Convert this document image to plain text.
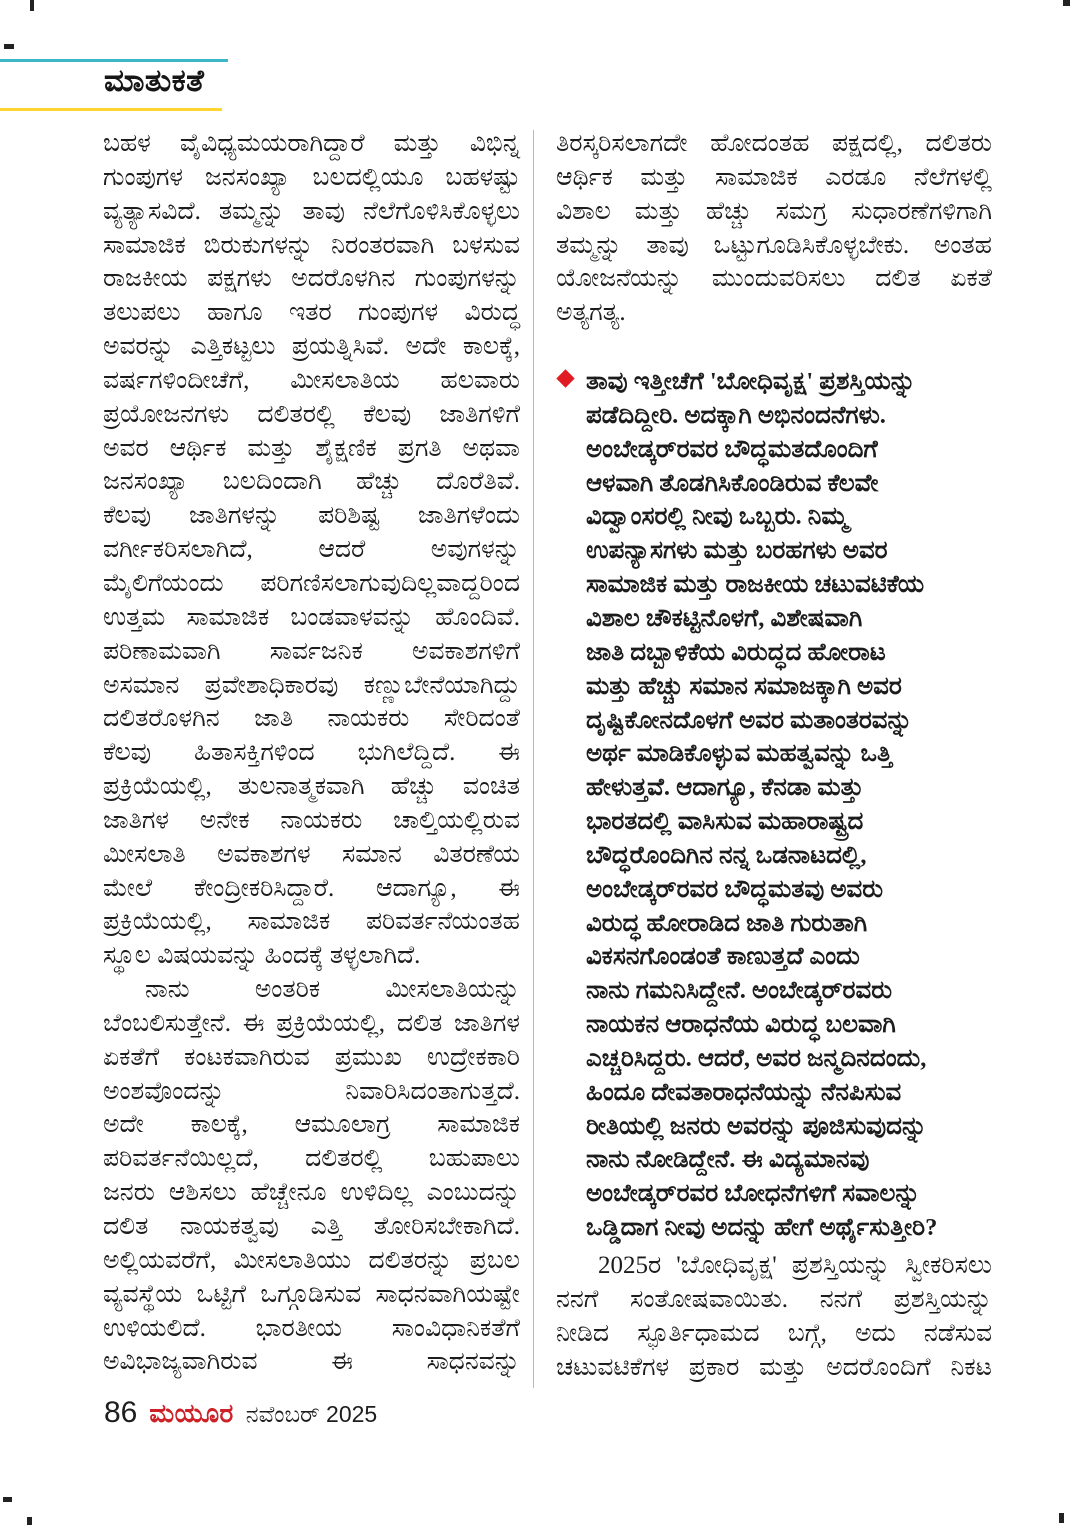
ಮಾತುಕತೆ
ಬಹಳ ವೈವಿಧ್ಯಮಯರಾಗಿದ್ದಾರೆ ಮತ್ತು ವಿಭಿನ್ನ
ಗುಂಪುಗಳ ಜನಸಂಖ್ಯಾ ಬಲದಲ್ಲಿಯೂ ಬಹಳಷ್ಟು
ವ್ಯತ್ಯಾಸವಿದೆ. ತಮ್ಮನ್ನು ತಾವು ನೆಲೆಗೊಳಿಸಿಕೊಳ್ಳಲು
ಸಾಮಾಜಿಕ ಬಿರುಕುಗಳನ್ನು ನಿರಂತರವಾಗಿ ಬಳಸುವ
ರಾಜಕೀಯ ಪಕ್ಷಗಳು ಅದರೊಳಗಿನ ಗುಂಪುಗಳನ್ನು
ತಲುಪಲು ಹಾಗೂ ಇತರ ಗುಂಪುಗಳ ವಿರುದ್ಧ
ಅವರನ್ನು ಎತ್ತಿಕಟ್ಟಲು ಪ್ರಯತ್ನಿಸಿವೆ. ಅದೇ ಕಾಲಕ್ಕೆ,
ವರ್ಷಗಳಿಂದೀಚೆಗೆ, ಮೀಸಲಾತಿಯ ಹಲವಾರು
ಪ್ರಯೋಜನಗಳು ದಲಿತರಲ್ಲಿ ಕೆಲವು ಜಾತಿಗಳಿಗೆ
ಅವರ ಆರ್ಥಿಕ ಮತ್ತು ಶೈಕ್ಷಣಿಕ ಪ್ರಗತಿ ಅಥವಾ
ಜನಸಂಖ್ಯಾ ಬಲದಿಂದಾಗಿ ಹೆಚ್ಚು ದೊರೆತಿವೆ.
ಕೆಲವು ಜಾತಿಗಳನ್ನು ಪರಿಶಿಷ್ಟ ಜಾತಿಗಳೆಂದು
ವರ್ಗೀಕರಿಸಲಾಗಿದೆ, ಆದರೆ ಅವುಗಳನ್ನು
ಮೈಲಿಗೆಯಂದು ಪರಿಗಣಿಸಲಾಗುವುದಿಲ್ಲವಾದ್ದರಿಂದ
ಉತ್ತಮ ಸಾಮಾಜಿಕ ಬಂಡವಾಳವನ್ನು ಹೊಂದಿವೆ.
ಪರಿಣಾಮವಾಗಿ ಸಾರ್ವಜನಿಕ ಅವಕಾಶಗಳಿಗೆ
ಅಸಮಾನ ಪ್ರವೇಶಾಧಿಕಾರವು ಕಣ್ಣುಬೇನೆಯಾಗಿದ್ದು
ದಲಿತರೊಳಗಿನ ಜಾತಿ ನಾಯಕರು ಸೇರಿದಂತೆ
ಕೆಲವು ಹಿತಾಸಕ್ತಿಗಳಿಂದ ಭುಗಿಲೆದ್ದಿದೆ. ಈ
ಪ್ರಕ್ರಿಯೆಯಲ್ಲಿ, ತುಲನಾತ್ಮಕವಾಗಿ ಹೆಚ್ಚು ವಂಚಿತ
ಜಾತಿಗಳ ಅನೇಕ ನಾಯಕರು ಚಾಲ್ತಿಯಲ್ಲಿರುವ
ಮೀಸಲಾತಿ ಅವಕಾಶಗಳ ಸಮಾನ ವಿತರಣೆಯ
ಮೇಲೆ ಕೇಂದ್ರೀಕರಿಸಿದ್ದಾರೆ. ಆದಾಗ್ಯೂ, ಈ
ಪ್ರಕ್ರಿಯೆಯಲ್ಲಿ, ಸಾಮಾಜಿಕ ಪರಿವರ್ತನೆಯಂತಹ
ಸ್ಥೂಲ ವಿಷಯವನ್ನು ಹಿಂದಕ್ಕೆ ತಳ್ಳಲಾಗಿದೆ.
ನಾನು ಅಂತರಿಕ ಮೀಸಲಾತಿಯನ್ನು
ಬೆಂಬಲಿಸುತ್ತೇನೆ. ಈ ಪ್ರಕ್ರಿಯೆಯಲ್ಲಿ, ದಲಿತ ಜಾತಿಗಳ
ಏಕತೆಗೆ ಕಂಟಕವಾಗಿರುವ ಪ್ರಮುಖ ಉದ್ರೇಕಕಾರಿ
ಅಂಶವೊಂದನ್ನು ನಿವಾರಿಸಿದಂತಾಗುತ್ತದೆ.
ಅದೇ ಕಾಲಕ್ಕೆ, ಆಮೂಲಾಗ್ರ ಸಾಮಾಜಿಕ
ಪರಿವರ್ತನೆಯಿಲ್ಲದೆ, ದಲಿತರಲ್ಲಿ ಬಹುಪಾಲು
ಜನರು ಆಶಿಸಲು ಹೆಚ್ಚೇನೂ ಉಳಿದಿಲ್ಲ ಎಂಬುದನ್ನು
ದಲಿತ ನಾಯಕತ್ವವು ಎತ್ತಿ ತೋರಿಸಬೇಕಾಗಿದೆ.
ಅಲ್ಲಿಯವರೆಗೆ, ಮೀಸಲಾತಿಯು ದಲಿತರನ್ನು ಪ್ರಬಲ
ವ್ಯವಸ್ಥೆಯ ಒಟ್ಟಿಗೆ ಒಗ್ಗೂಡಿಸುವ ಸಾಧನವಾಗಿಯಷ್ಟೇ
ಉಳಿಯಲಿದೆ. ಭಾರತೀಯ ಸಾಂವಿಧಾನಿಕತೆಗೆ
ಅವಿಭಾಜ್ಯವಾಗಿರುವ ಈ ಸಾಧನವನ್ನು
ತಿರಸ್ಕರಿಸಲಾಗದೇ ಹೋದಂತಹ ಪಕ್ಷದಲ್ಲಿ, ದಲಿತರು
ಆರ್ಥಿಕ ಮತ್ತು ಸಾಮಾಜಿಕ ಎರಡೂ ನೆಲೆಗಳಲ್ಲಿ
ವಿಶಾಲ ಮತ್ತು ಹೆಚ್ಚು ಸಮಗ್ರ ಸುಧಾರಣೆಗಳಿಗಾಗಿ
ತಮ್ಮನ್ನು ತಾವು ಒಟ್ಟುಗೂಡಿಸಿಕೊಳ್ಳಬೇಕು. ಅಂತಹ
ಯೋಜನೆಯನ್ನು ಮುಂದುವರಿಸಲು ದಲಿತ ಏಕತೆ
ಅತ್ಯಗತ್ಯ.
ತಾವು ಇತ್ತೀಚೆಗೆ 'ಬೋಧಿವೃಕ್ಷ' ಪ್ರಶಸ್ತಿಯನ್ನು
ಪಡೆದಿದ್ದೀರಿ. ಅದಕ್ಕಾಗಿ ಅಭಿನಂದನೆಗಳು.
ಅಂಬೇಡ್ಕರ್‌ರವರ ಬೌದ್ಧಮತದೊಂದಿಗೆ
ಆಳವಾಗಿ ತೊಡಗಿಸಿಕೊಂಡಿರುವ ಕೆಲವೇ
ವಿದ್ವಾಂಸರಲ್ಲಿ ನೀವು ಒಬ್ಬರು. ನಿಮ್ಮ
ಉಪನ್ಯಾಸಗಳು ಮತ್ತು ಬರಹಗಳು ಅವರ
ಸಾಮಾಜಿಕ ಮತ್ತು ರಾಜಕೀಯ ಚಟುವಟಿಕೆಯ
ವಿಶಾಲ ಚೌಕಟ್ಟಿನೊಳಗೆ, ವಿಶೇಷವಾಗಿ
ಜಾತಿ ದಬ್ಬಾಳಿಕೆಯ ವಿರುದ್ಧದ ಹೋರಾಟ
ಮತ್ತು ಹೆಚ್ಚು ಸಮಾನ ಸಮಾಜಕ್ಕಾಗಿ ಅವರ
ದೃಷ್ಟಿಕೋನದೊಳಗೆ ಅವರ ಮತಾಂತರವನ್ನು
ಅರ್ಥ ಮಾಡಿಕೊಳ್ಳುವ ಮಹತ್ವವನ್ನು ಒತ್ತಿ
ಹೇಳುತ್ತವೆ. ಆದಾಗ್ಯೂ, ಕೆನಡಾ ಮತ್ತು
ಭಾರತದಲ್ಲಿ ವಾಸಿಸುವ ಮಹಾರಾಷ್ಟ್ರದ
ಬೌದ್ಧರೊಂದಿಗಿನ ನನ್ನ ಒಡನಾಟದಲ್ಲಿ,
ಅಂಬೇಡ್ಕರ್‌ರವರ ಬೌದ್ಧಮತವು ಅವರು
ವಿರುದ್ಧ ಹೋರಾಡಿದ ಜಾತಿ ಗುರುತಾಗಿ
ವಿಕಸನಗೊಂಡಂತೆ ಕಾಣುತ್ತದೆ ಎಂದು
ನಾನು ಗಮನಿಸಿದ್ದೇನೆ. ಅಂಬೇಡ್ಕರ್‌ರವರು
ನಾಯಕನ ಆರಾಧನೆಯ ವಿರುದ್ಧ ಬಲವಾಗಿ
ಎಚ್ಚರಿಸಿದ್ದರು. ಆದರೆ, ಅವರ ಜನ್ಮದಿನದಂದು,
ಹಿಂದೂ ದೇವತಾರಾಧನೆಯನ್ನು ನೆನಪಿಸುವ
ರೀತಿಯಲ್ಲಿ ಜನರು ಅವರನ್ನು ಪೂಜಿಸುವುದನ್ನು
ನಾನು ನೋಡಿದ್ದೇನೆ. ಈ ವಿದ್ಯಮಾನವು
ಅಂಬೇಡ್ಕರ್‌ರವರ ಬೋಧನೆಗಳಿಗೆ ಸವಾಲನ್ನು
ಒಡ್ಡಿದಾಗ ನೀವು ಅದನ್ನು ಹೇಗೆ ಅರ್ಥೈಸುತ್ತೀರಿ?
2025ರ 'ಬೋಧಿವೃಕ್ಷ' ಪ್ರಶಸ್ತಿಯನ್ನು ಸ್ವೀಕರಿಸಲು
ನನಗೆ ಸಂತೋಷವಾಯಿತು. ನನಗೆ ಪ್ರಶಸ್ತಿಯನ್ನು
ನೀಡಿದ ಸ್ಫೂರ್ತಿಧಾಮದ ಬಗ್ಗೆ, ಅದು ನಡೆಸುವ
ಚಟುವಟಿಕೆಗಳ ಪ್ರಕಾರ ಮತ್ತು ಅದರೊಂದಿಗೆ ನಿಕಟ
86 ಮಯೂರ ನವೆಂಬರ್ 2025
